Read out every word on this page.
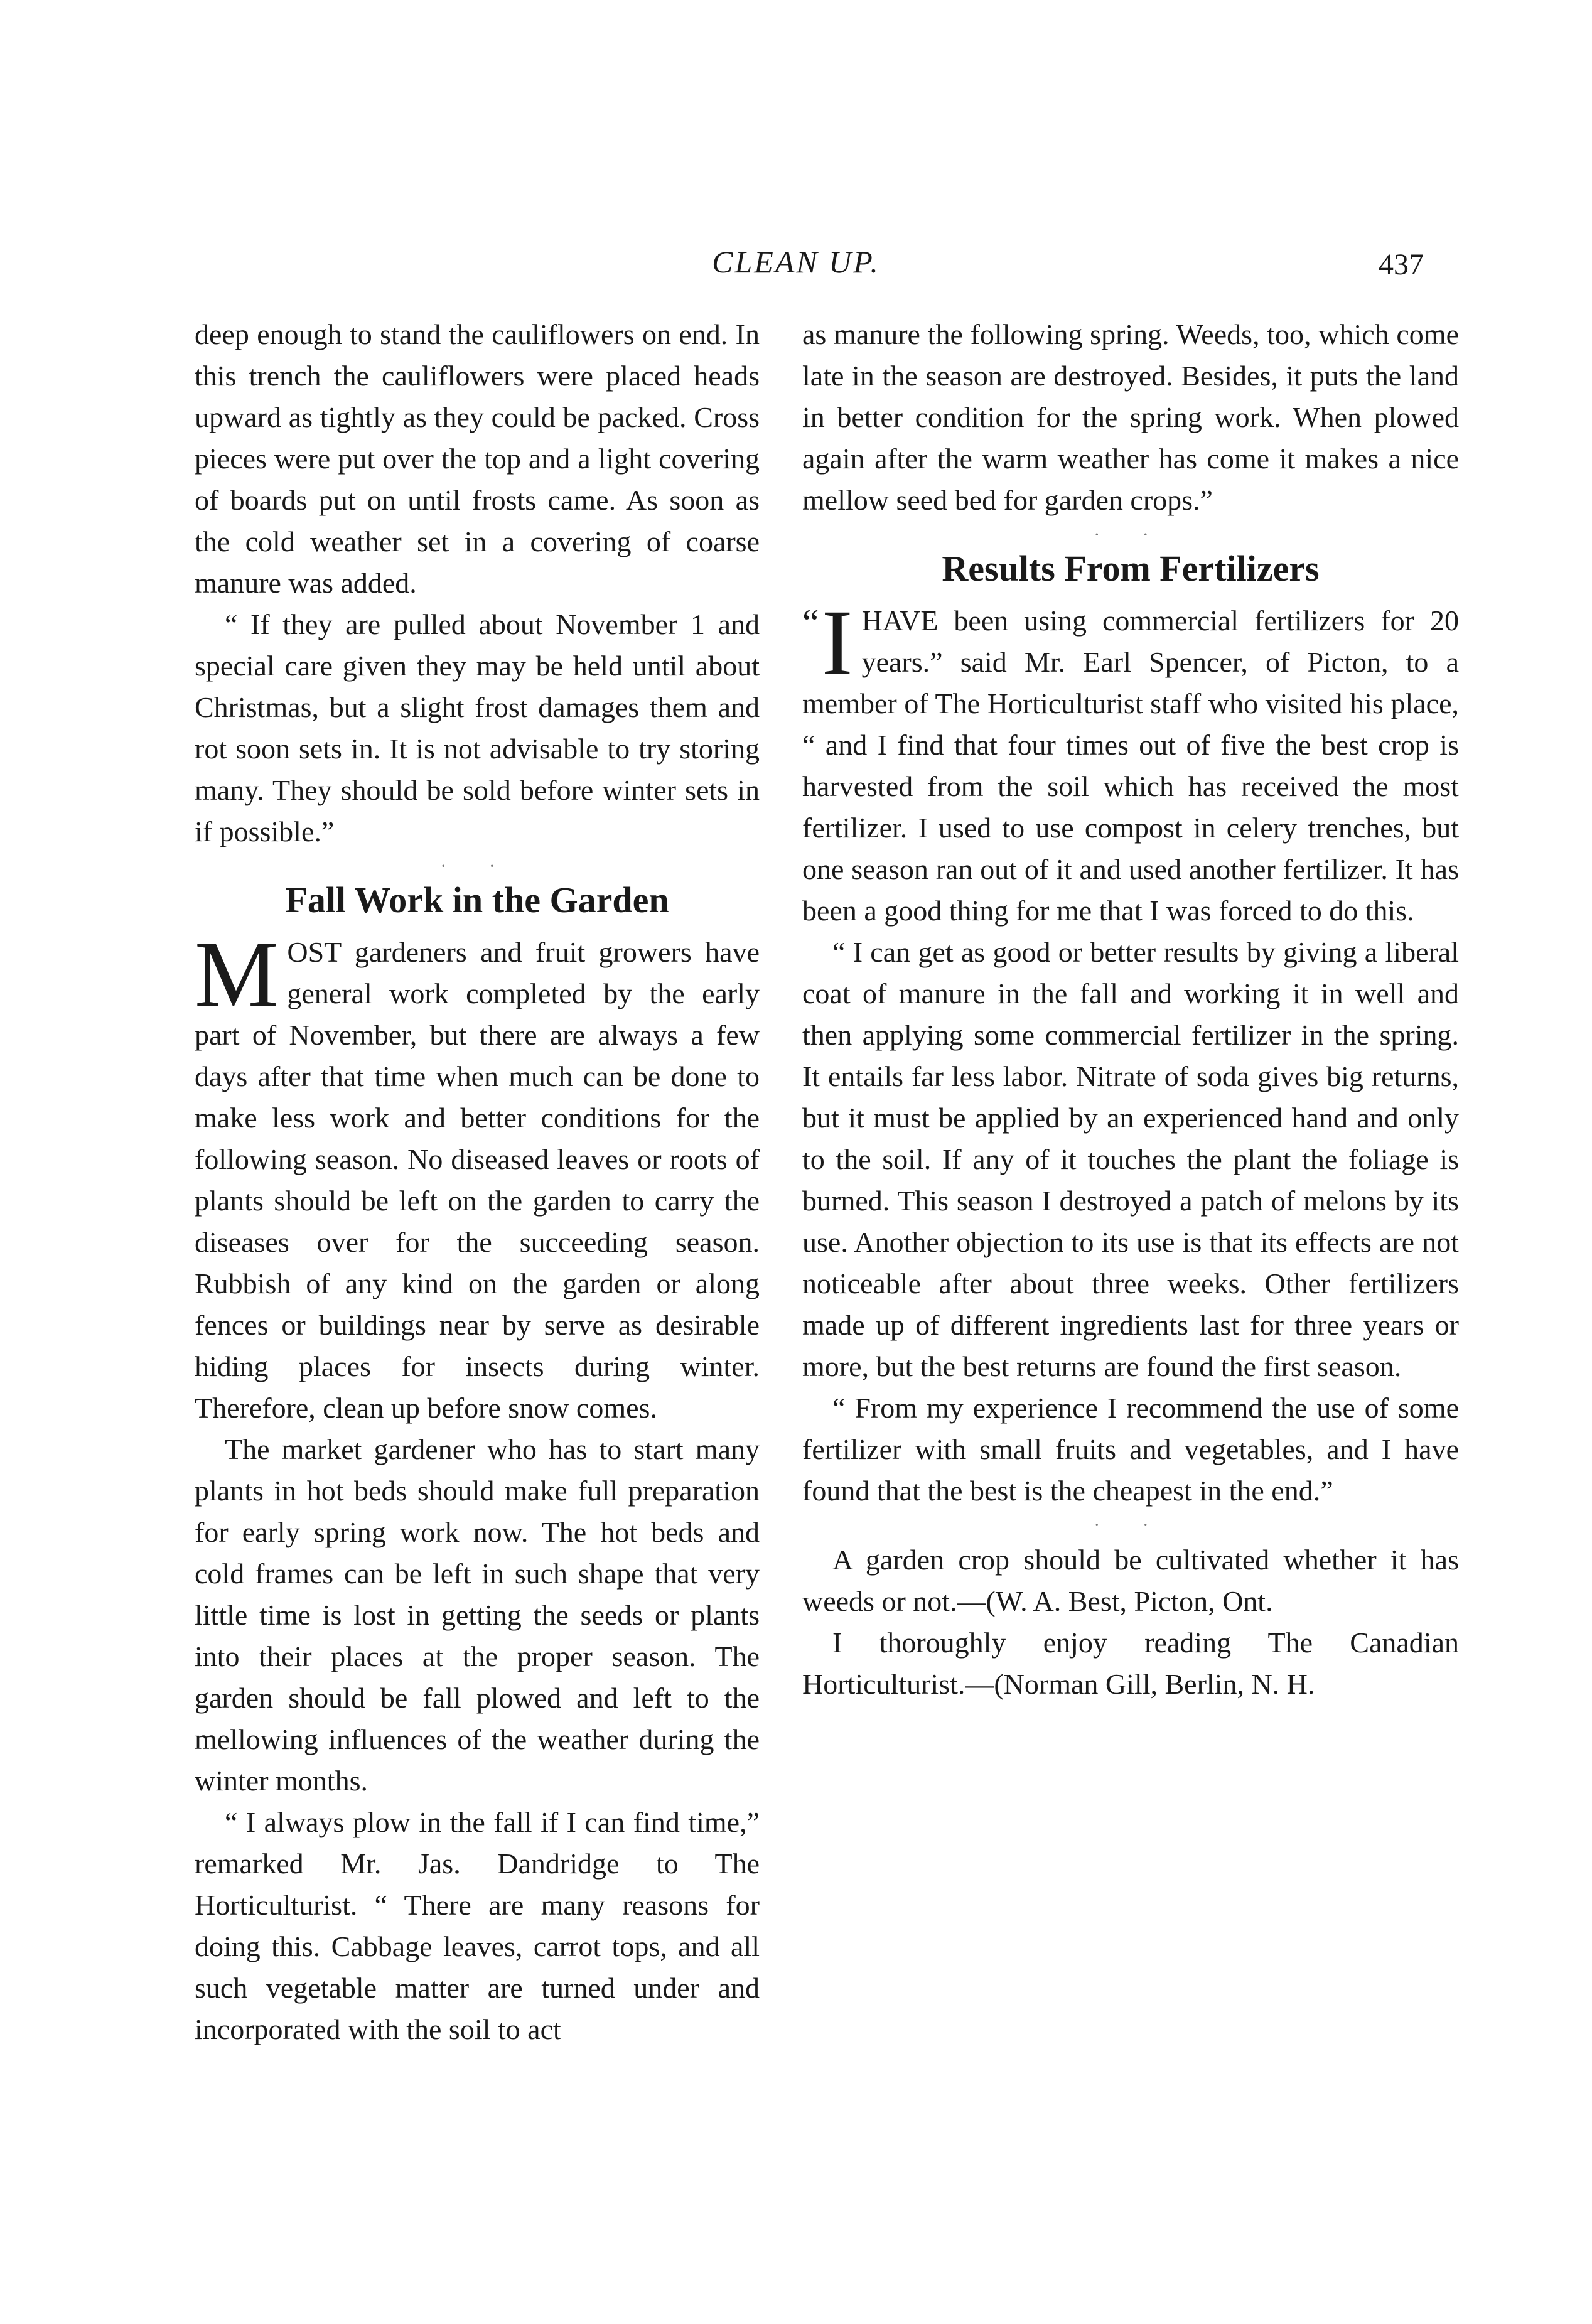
CLEAN UP.	437

deep enough to stand the cauliflowers on end. In this trench the cauliflowers were placed heads upward as tightly as they could be packed. Cross pieces were put over the top and a light covering of boards put on until frosts came. As soon as the cold weather set in a covering of coarse manure was added.

“ If they are pulled about November 1 and special care given they may be held until about Christmas, but a slight frost damages them and rot soon sets in. It is not advisable to try storing many. They should be sold before winter sets in if possible.”

· ·
Fall Work in the Garden

MOST gardeners and fruit growers have general work completed by the early part of November, but there are always a few days after that time when much can be done to make less work and better conditions for the following season. No diseased leaves or roots of plants should be left on the garden to carry the diseases over for the succeeding season. Rubbish of any kind on the garden or along fences or buildings near by serve as desirable hiding places for insects during winter. Therefore, clean up before snow comes.

The market gardener who has to start many plants in hot beds should make full preparation for early spring work now. The hot beds and cold frames can be left in such shape that very little time is lost in getting the seeds or plants into their places at the proper season. The garden should be fall plowed and left to the mellowing influences of the weather during the winter months.

“ I always plow in the fall if I can find time,” remarked Mr. Jas. Dandridge to The Horticulturist. “ There are many reasons for doing this. Cabbage leaves, carrot tops, and all such vegetable matter are turned under and incorporated with the soil to act

as manure the following spring. Weeds, too, which come late in the season are destroyed. Besides, it puts the land in better condition for the spring work. When plowed again after the warm weather has come it makes a nice mellow seed bed for garden crops.”

· ·
Results From Fertilizers

“ I HAVE been using commercial fertilizers for 20 years.” said Mr. Earl Spencer, of Picton, to a member of The Horticulturist staff who visited his place, “ and I find that four times out of five the best crop is harvested from the soil which has received the most fertilizer. I used to use compost in celery trenches, but one season ran out of it and used another fertilizer. It has been a good thing for me that I was forced to do this.

“ I can get as good or better results by giving a liberal coat of manure in the fall and working it in well and then applying some commercial fertilizer in the spring. It entails far less labor. Nitrate of soda gives big returns, but it must be applied by an experienced hand and only to the soil. If any of it touches the plant the foliage is burned. This season I destroyed a patch of melons by its use. Another objection to its use is that its effects are not noticeable after about three weeks. Other fertilizers made up of different ingredients last for three years or more, but the best returns are found the first season.

“ From my experience I recommend the use of some fertilizer with small fruits and vegetables, and I have found that the best is the cheapest in the end.”

· ·

A garden crop should be cultivated whether it has weeds or not.—(W. A. Best, Picton, Ont.

I thoroughly enjoy reading The Canadian Horticulturist.—(Norman Gill, Berlin, N. H.
